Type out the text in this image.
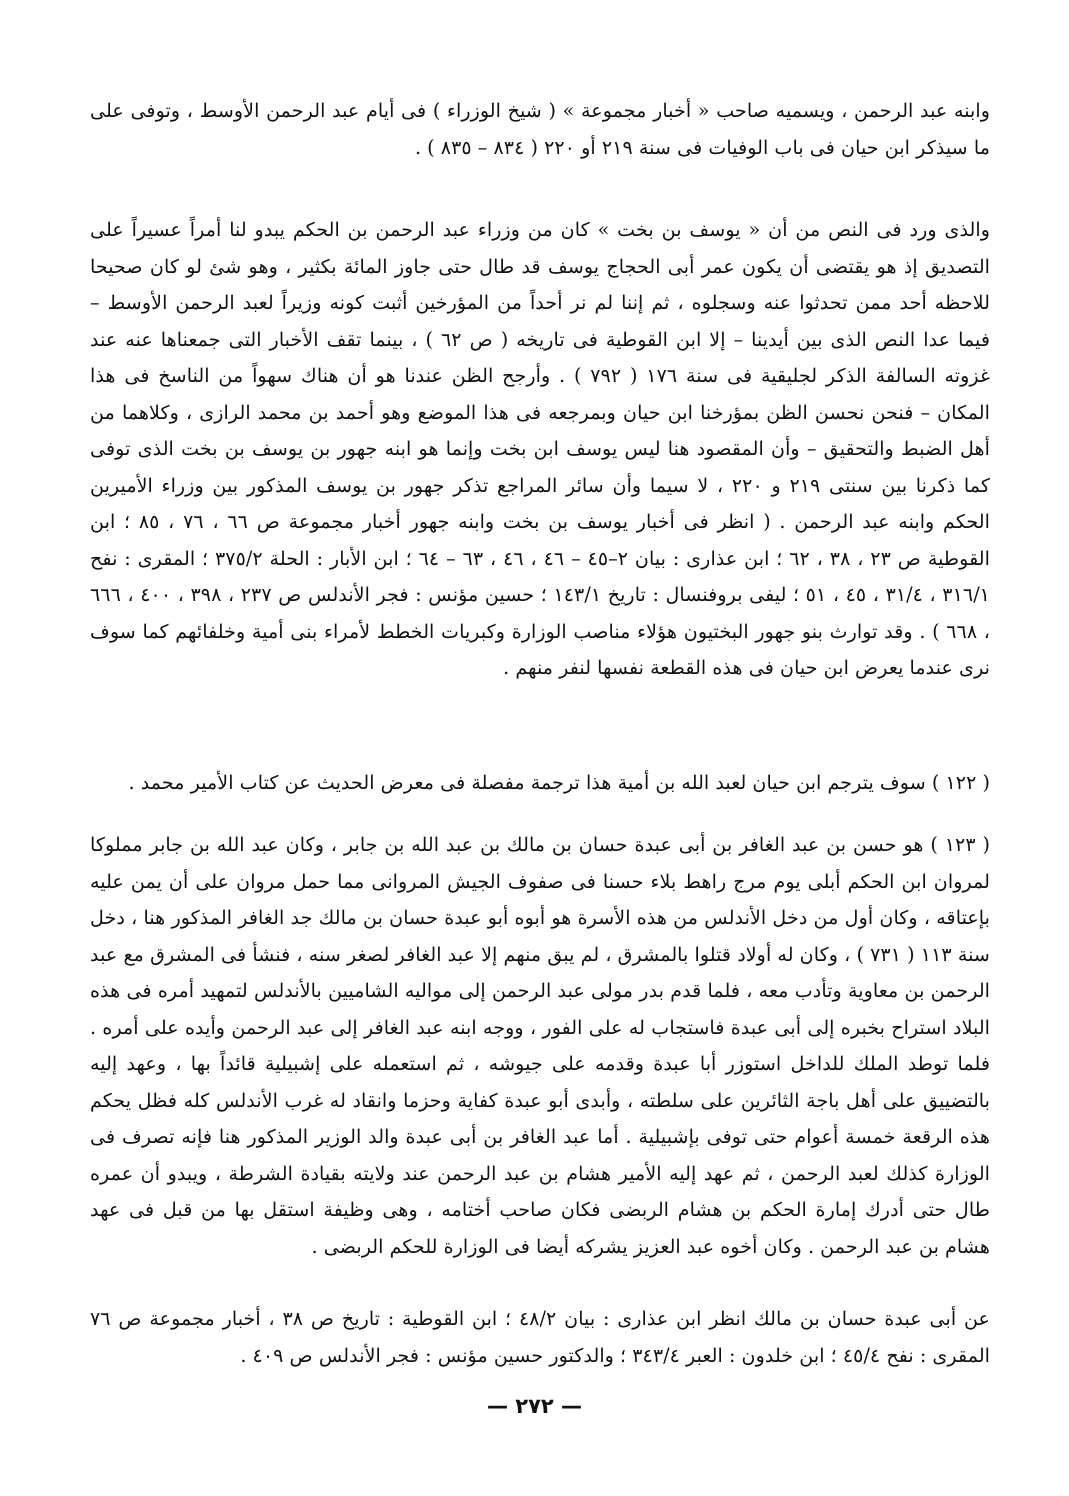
وابنه عبد الرحمن ، ويسميه صاحب « أخبار مجموعة » ( شيخ الوزراء ) فى أيام عبد الرحمن الأوسط ، وتوفى على ما سيذكر ابن حيان فى باب الوفيات فى سنة ٢١٩ أو ٢٢٠ ( ٨٣٤ – ٨٣٥ ) .

والذى ورد فى النص من أن « يوسف بن بخت » كان من وزراء عبد الرحمن بن الحكم يبدو لنا أمراً عسيراً على التصديق إذ هو يقتضى أن يكون عمر أبى الحجاج يوسف قد طال حتى جاوز المائة بكثير ، وهو شئ لو كان صحيحا للاحظه أحد ممن تحدثوا عنه وسجلوه ، ثم إننا لم نر أحداً من المؤرخين أثبت كونه وزيراً لعبد الرحمن الأوسط – فيما عدا النص الذى بين أيدينا – إلا ابن القوطية فى تاريخه ( ص ٦٢ ) ، بينما تقف الأخبار التى جمعناها عنه عند غزوته السالفة الذكر لجليقية فى سنة ١٧٦ ( ٧٩٢ ) . وأرجح الظن عندنا هو أن هناك سهواً من الناسخ فى هذا المكان – فنحن نحسن الظن بمؤرخنا ابن حيان وبمرجعه فى هذا الموضع وهو أحمد بن محمد الرازى ، وكلاهما من أهل الضبط والتحقيق – وأن المقصود هنا ليس يوسف ابن بخت وإنما هو ابنه جهور بن يوسف بن بخت الذى توفى كما ذكرنا بين سنتى ٢١٩ و ٢٢٠ ، لا سيما وأن سائر المراجع تذكر جهور بن يوسف المذكور بين وزراء الأميرين الحكم وابنه عبد الرحمن . ( انظر فى أخبار يوسف بن بخت وابنه جهور أخبار مجموعة ص ٦٦ ، ٧٦ ، ٨٥ ؛ ابن القوطية ص ٢٣ ، ٣٨ ، ٦٢ ؛ ابن عذارى : بيان ٢–٤٥ – ٤٦ ، ٤٦ ، ٦٣ – ٦٤ ؛ ابن الأبار : الحلة ٣٧٥/٢ ؛ المقرى : نفح ٣١٦/١ ، ٣١/٤ ، ٤٥ ، ٥١ ؛ ليفى بروفنسال : تاريخ ١٤٣/١ ؛ حسين مؤنس : فجر الأندلس ص ٢٣٧ ، ٣٩٨ ، ٤٠٠ ، ٦٦٦ ، ٦٦٨ ) . وقد توارث بنو جهور البختيون هؤلاء مناصب الوزارة وكبريات الخطط لأمراء بنى أمية وخلفائهم كما سوف نرى عندما يعرض ابن حيان فى هذه القطعة نفسها لنفر منهم .

( ١٢٢ ) سوف يترجم ابن حيان لعبد الله بن أمية هذا ترجمة مفصلة فى معرض الحديث عن كتاب الأمير محمد .

( ١٢٣ ) هو حسن بن عبد الغافر بن أبى عبدة حسان بن مالك بن عبد الله بن جابر ، وكان عبد الله بن جابر مملوكا لمروان ابن الحكم أبلى يوم مرج راهط بلاء حسنا فى صفوف الجيش المروانى مما حمل مروان على أن يمن عليه بإعتاقه ، وكان أول من دخل الأندلس من هذه الأسرة هو أبوه أبو عبدة حسان بن مالك جد الغافر المذكور هنا ، دخل سنة ١١٣ ( ٧٣١ ) ، وكان له أولاد قتلوا بالمشرق ، لم يبق منهم إلا عبد الغافر لصغر سنه ، فنشأ فى المشرق مع عبد الرحمن بن معاوية وتأدب معه ، فلما قدم بدر مولى عبد الرحمن إلى مواليه الشاميين بالأندلس لتمهيد أمره فى هذه البلاد استراح بخبره إلى أبى عبدة فاستجاب له على الفور ، ووجه ابنه عبد الغافر إلى عبد الرحمن وأيده على أمره . فلما توطد الملك للداخل استوزر أبا عبدة وقدمه على جيوشه ، ثم استعمله على إشبيلية قائداً بها ، وعهد إليه بالتضييق على أهل باجة الثائرين على سلطته ، وأبدى أبو عبدة كفاية وحزما وانقاد له غرب الأندلس كله فظل يحكم هذه الرقعة خمسة أعوام حتى توفى بإشبيلية . أما عبد الغافر بن أبى عبدة والد الوزير المذكور هنا فإنه تصرف فى الوزارة كذلك لعبد الرحمن ، ثم عهد إليه الأمير هشام بن عبد الرحمن عند ولايته بقيادة الشرطة ، ويبدو أن عمره طال حتى أدرك إمارة الحكم بن هشام الربضى فكان صاحب أختامه ، وهى وظيفة استقل بها من قبل فى عهد هشام بن عبد الرحمن . وكان أخوه عبد العزيز يشركه أيضا فى الوزارة للحكم الربضى .

عن أبى عبدة حسان بن مالك انظر ابن عذارى : بيان ٤٨/٢ ؛ ابن القوطية : تاريخ ص ٣٨ ، أخبار مجموعة ص ٧٦ المقرى : نفح ٤٥/٤ ؛ ابن خلدون : العبر ٣٤٣/٤ ؛ والدكتور حسين مؤنس : فجر الأندلس ص ٤٠٩ .

— ٢٧٢ —
